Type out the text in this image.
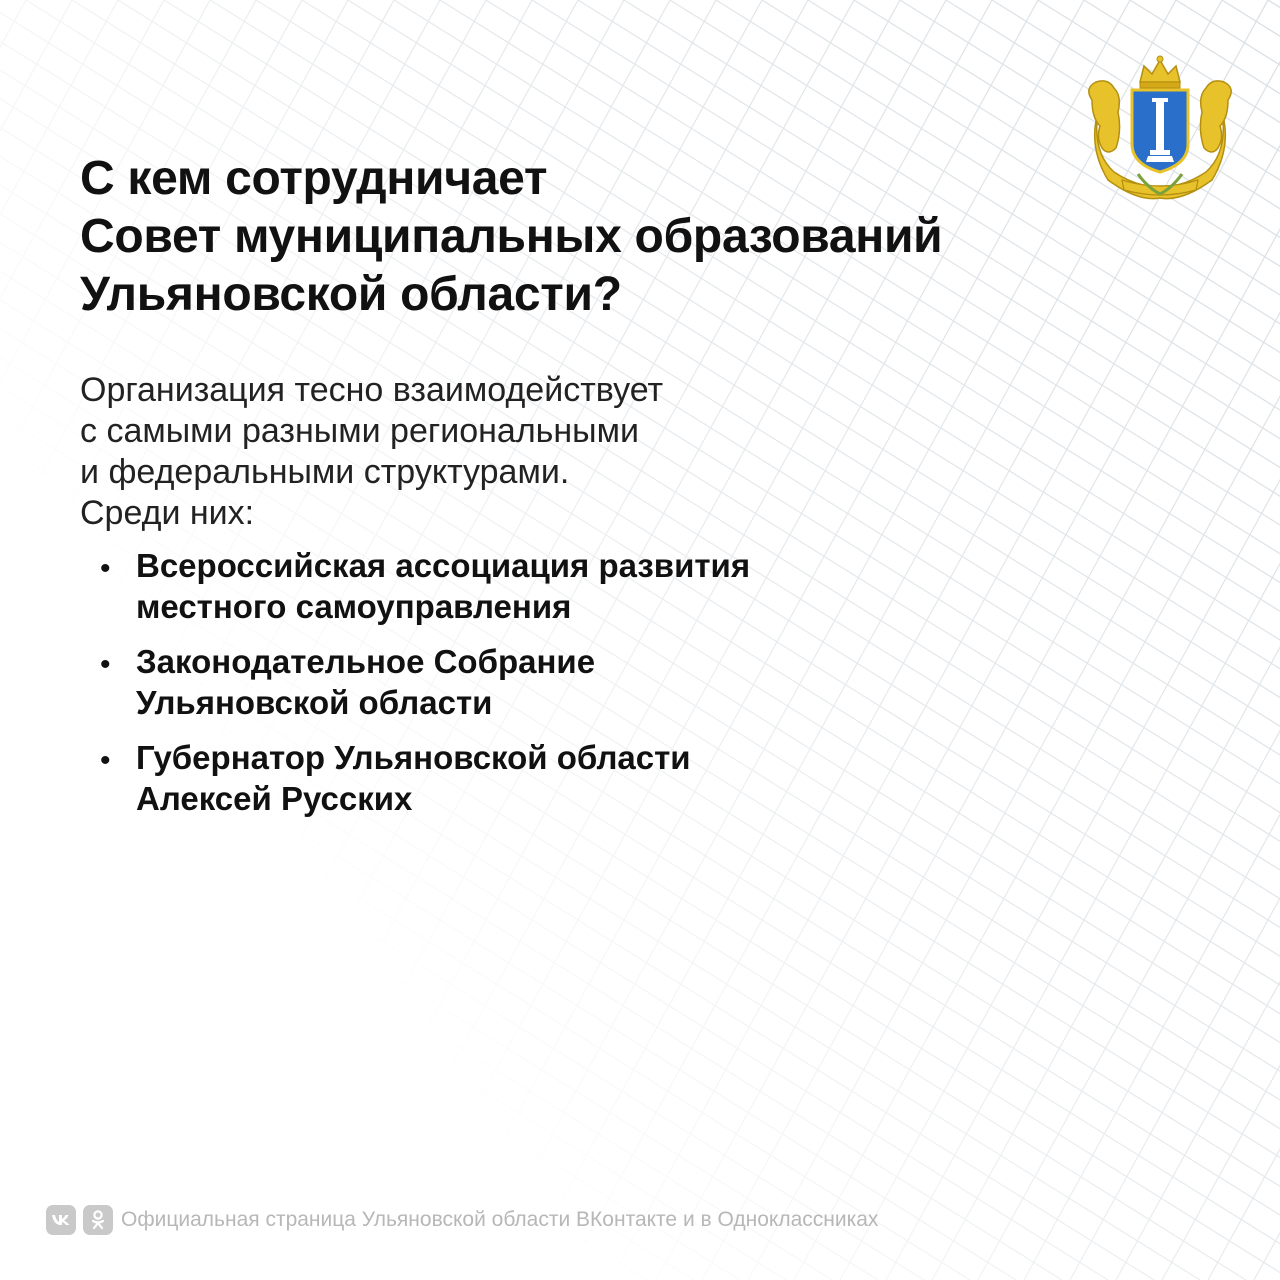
С кем сотрудничает
Совет муниципальных образований
Ульяновской области?
Организация тесно взаимодействует
с самыми разными региональными
и федеральными структурами.
Среди них:
• Всероссийская ассоциация развития
местного самоуправления
• Законодательное Собрание
Ульяновской области
• Губернатор Ульяновской области
Алексей Русских
Официальная страница Ульяновской области ВКонтакте и в Одноклассниках
